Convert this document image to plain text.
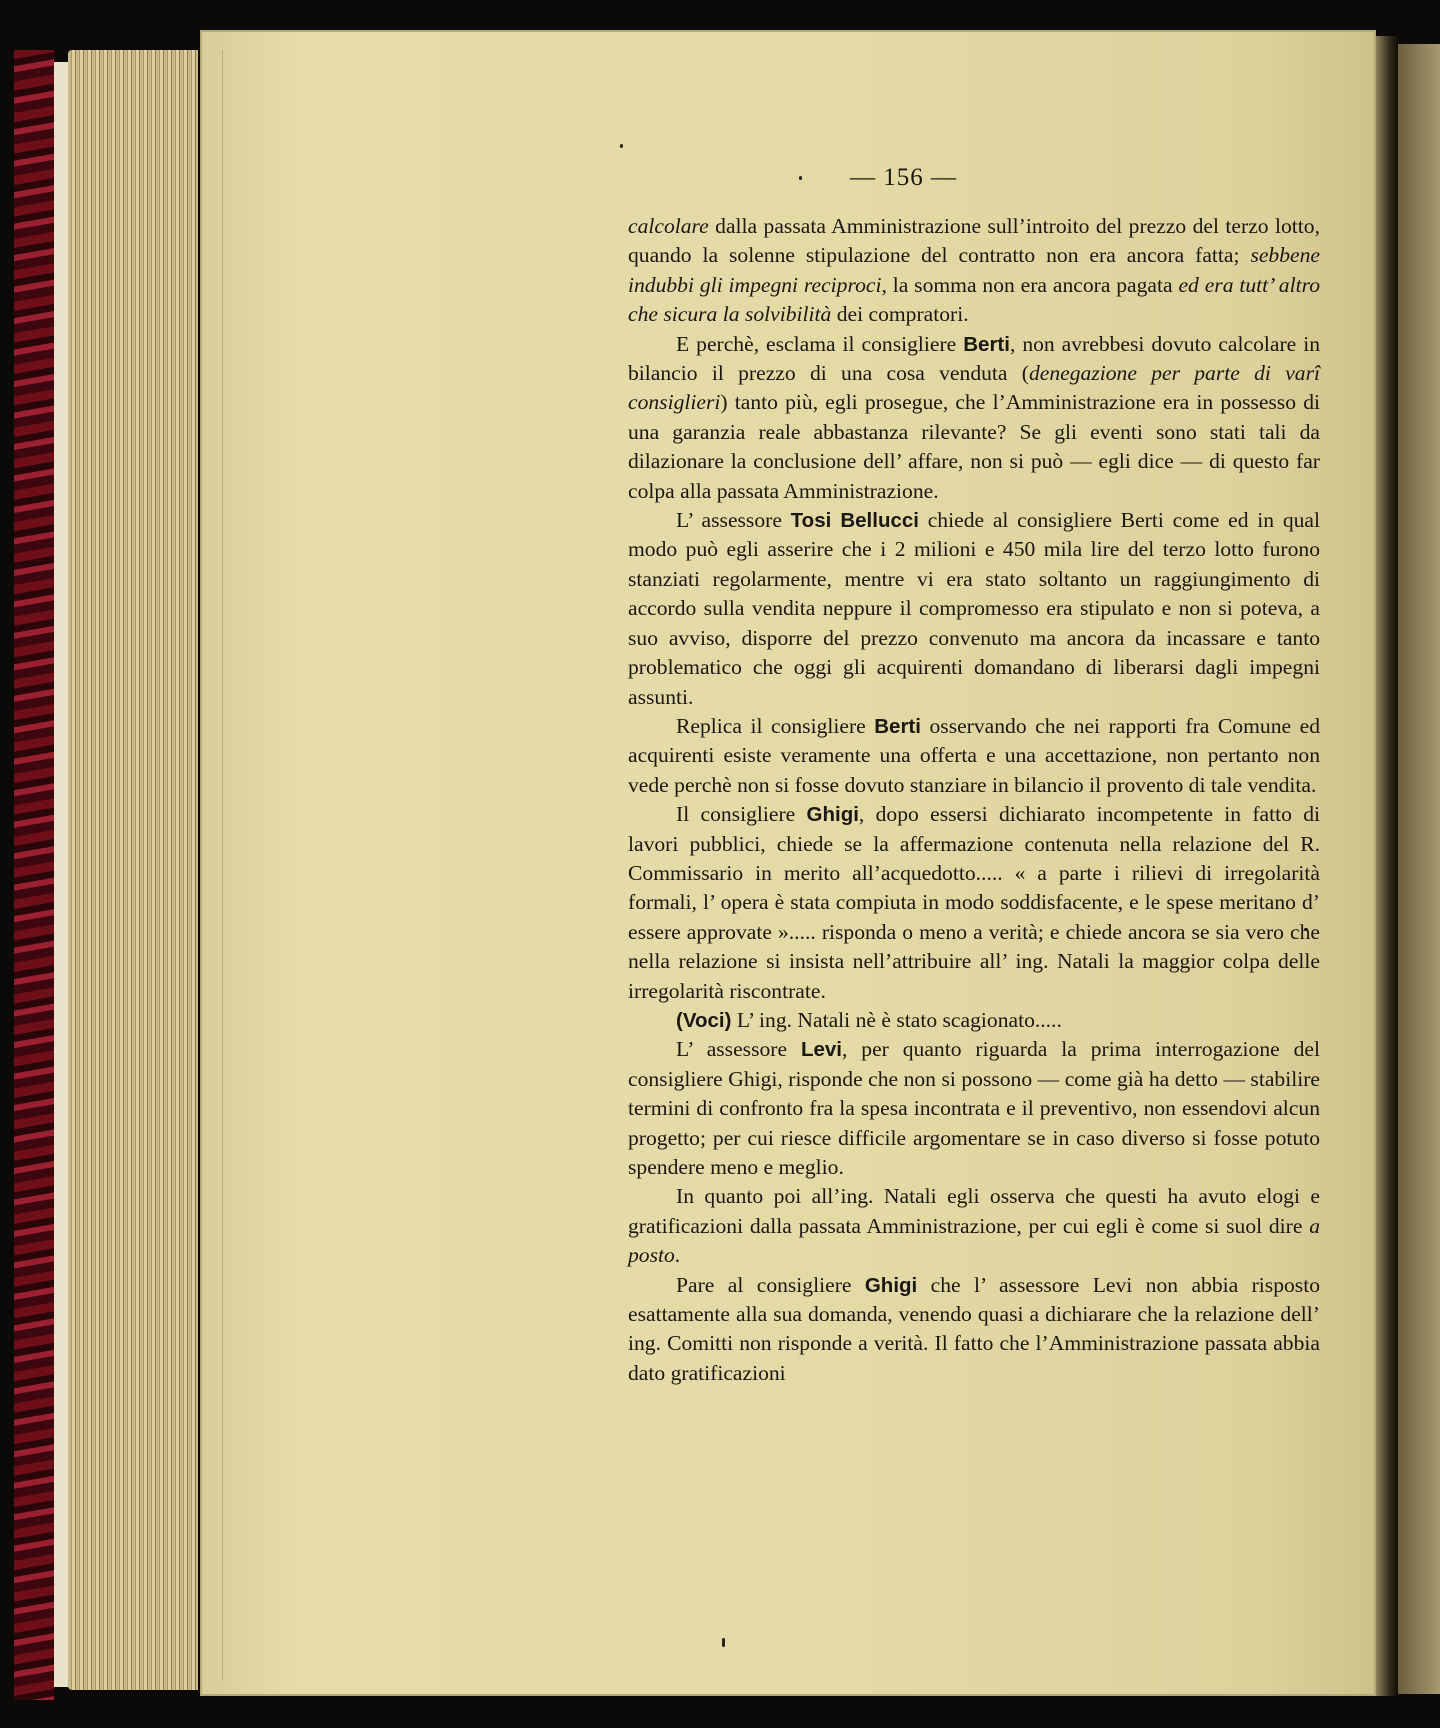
— 156 —

calcolare dalla passata Amministrazione sull’introito del prezzo del terzo lotto, quando la solenne stipulazione del contratto non era ancora fatta; sebbene indubbi gli impegni reciproci, la somma non era ancora pagata ed era tutt’ altro che sicura la solvibilità dei compratori.

E perchè, esclama il consigliere Berti, non avrebbesi dovuto calcolare in bilancio il prezzo di una cosa venduta (denegazione per parte di varî consiglieri) tanto più, egli prosegue, che l’Amministrazione era in possesso di una garanzia reale abbastanza rilevante? Se gli eventi sono stati tali da dilazionare la conclusione dell’ affare, non si può — egli dice — di questo far colpa alla passata Amministrazione.

L’ assessore Tosi Bellucci chiede al consigliere Berti come ed in qual modo può egli asserire che i 2 milioni e 450 mila lire del terzo lotto furono stanziati regolarmente, mentre vi era stato soltanto un raggiungimento di accordo sulla vendita neppure il compromesso era stipulato e non si poteva, a suo avviso, disporre del prezzo convenuto ma ancora da incassare e tanto problematico che oggi gli acquirenti domandano di liberarsi dagli impegni assunti.

Replica il consigliere Berti osservando che nei rapporti fra Comune ed acquirenti esiste veramente una offerta e una accettazione, non pertanto non vede perchè non si fosse dovuto stanziare in bilancio il provento di tale vendita.

Il consigliere Ghigi, dopo essersi dichiarato incompetente in fatto di lavori pubblici, chiede se la affermazione contenuta nella relazione del R. Commissario in merito all’acquedotto..... « a parte i rilievi di irregolarità formali, l’ opera è stata compiuta in modo soddisfacente, e le spese meritano d’ essere approvate »..... risponda o meno a verità; e chiede ancora se sia vero che nella relazione si insista nell’attribuire all’ ing. Natali la maggior colpa delle irregolarità riscontrate.

(Voci) L’ ing. Natali nè è stato scagionato.....

L’ assessore Levi, per quanto riguarda la prima interrogazione del consigliere Ghigi, risponde che non si possono — come già ha detto — stabilire termini di confronto fra la spesa incontrata e il preventivo, non essendovi alcun progetto; per cui riesce difficile argomentare se in caso diverso si fosse potuto spendere meno e meglio.

In quanto poi all’ing. Natali egli osserva che questi ha avuto elogi e gratificazioni dalla passata Amministrazione, per cui egli è come si suol dire a posto.

Pare al consigliere Ghigi che l’ assessore Levi non abbia risposto esattamente alla sua domanda, venendo quasi a dichiarare che la relazione dell’ ing. Comitti non risponde a verità. Il fatto che l’Amministrazione passata abbia dato gratificazioni
